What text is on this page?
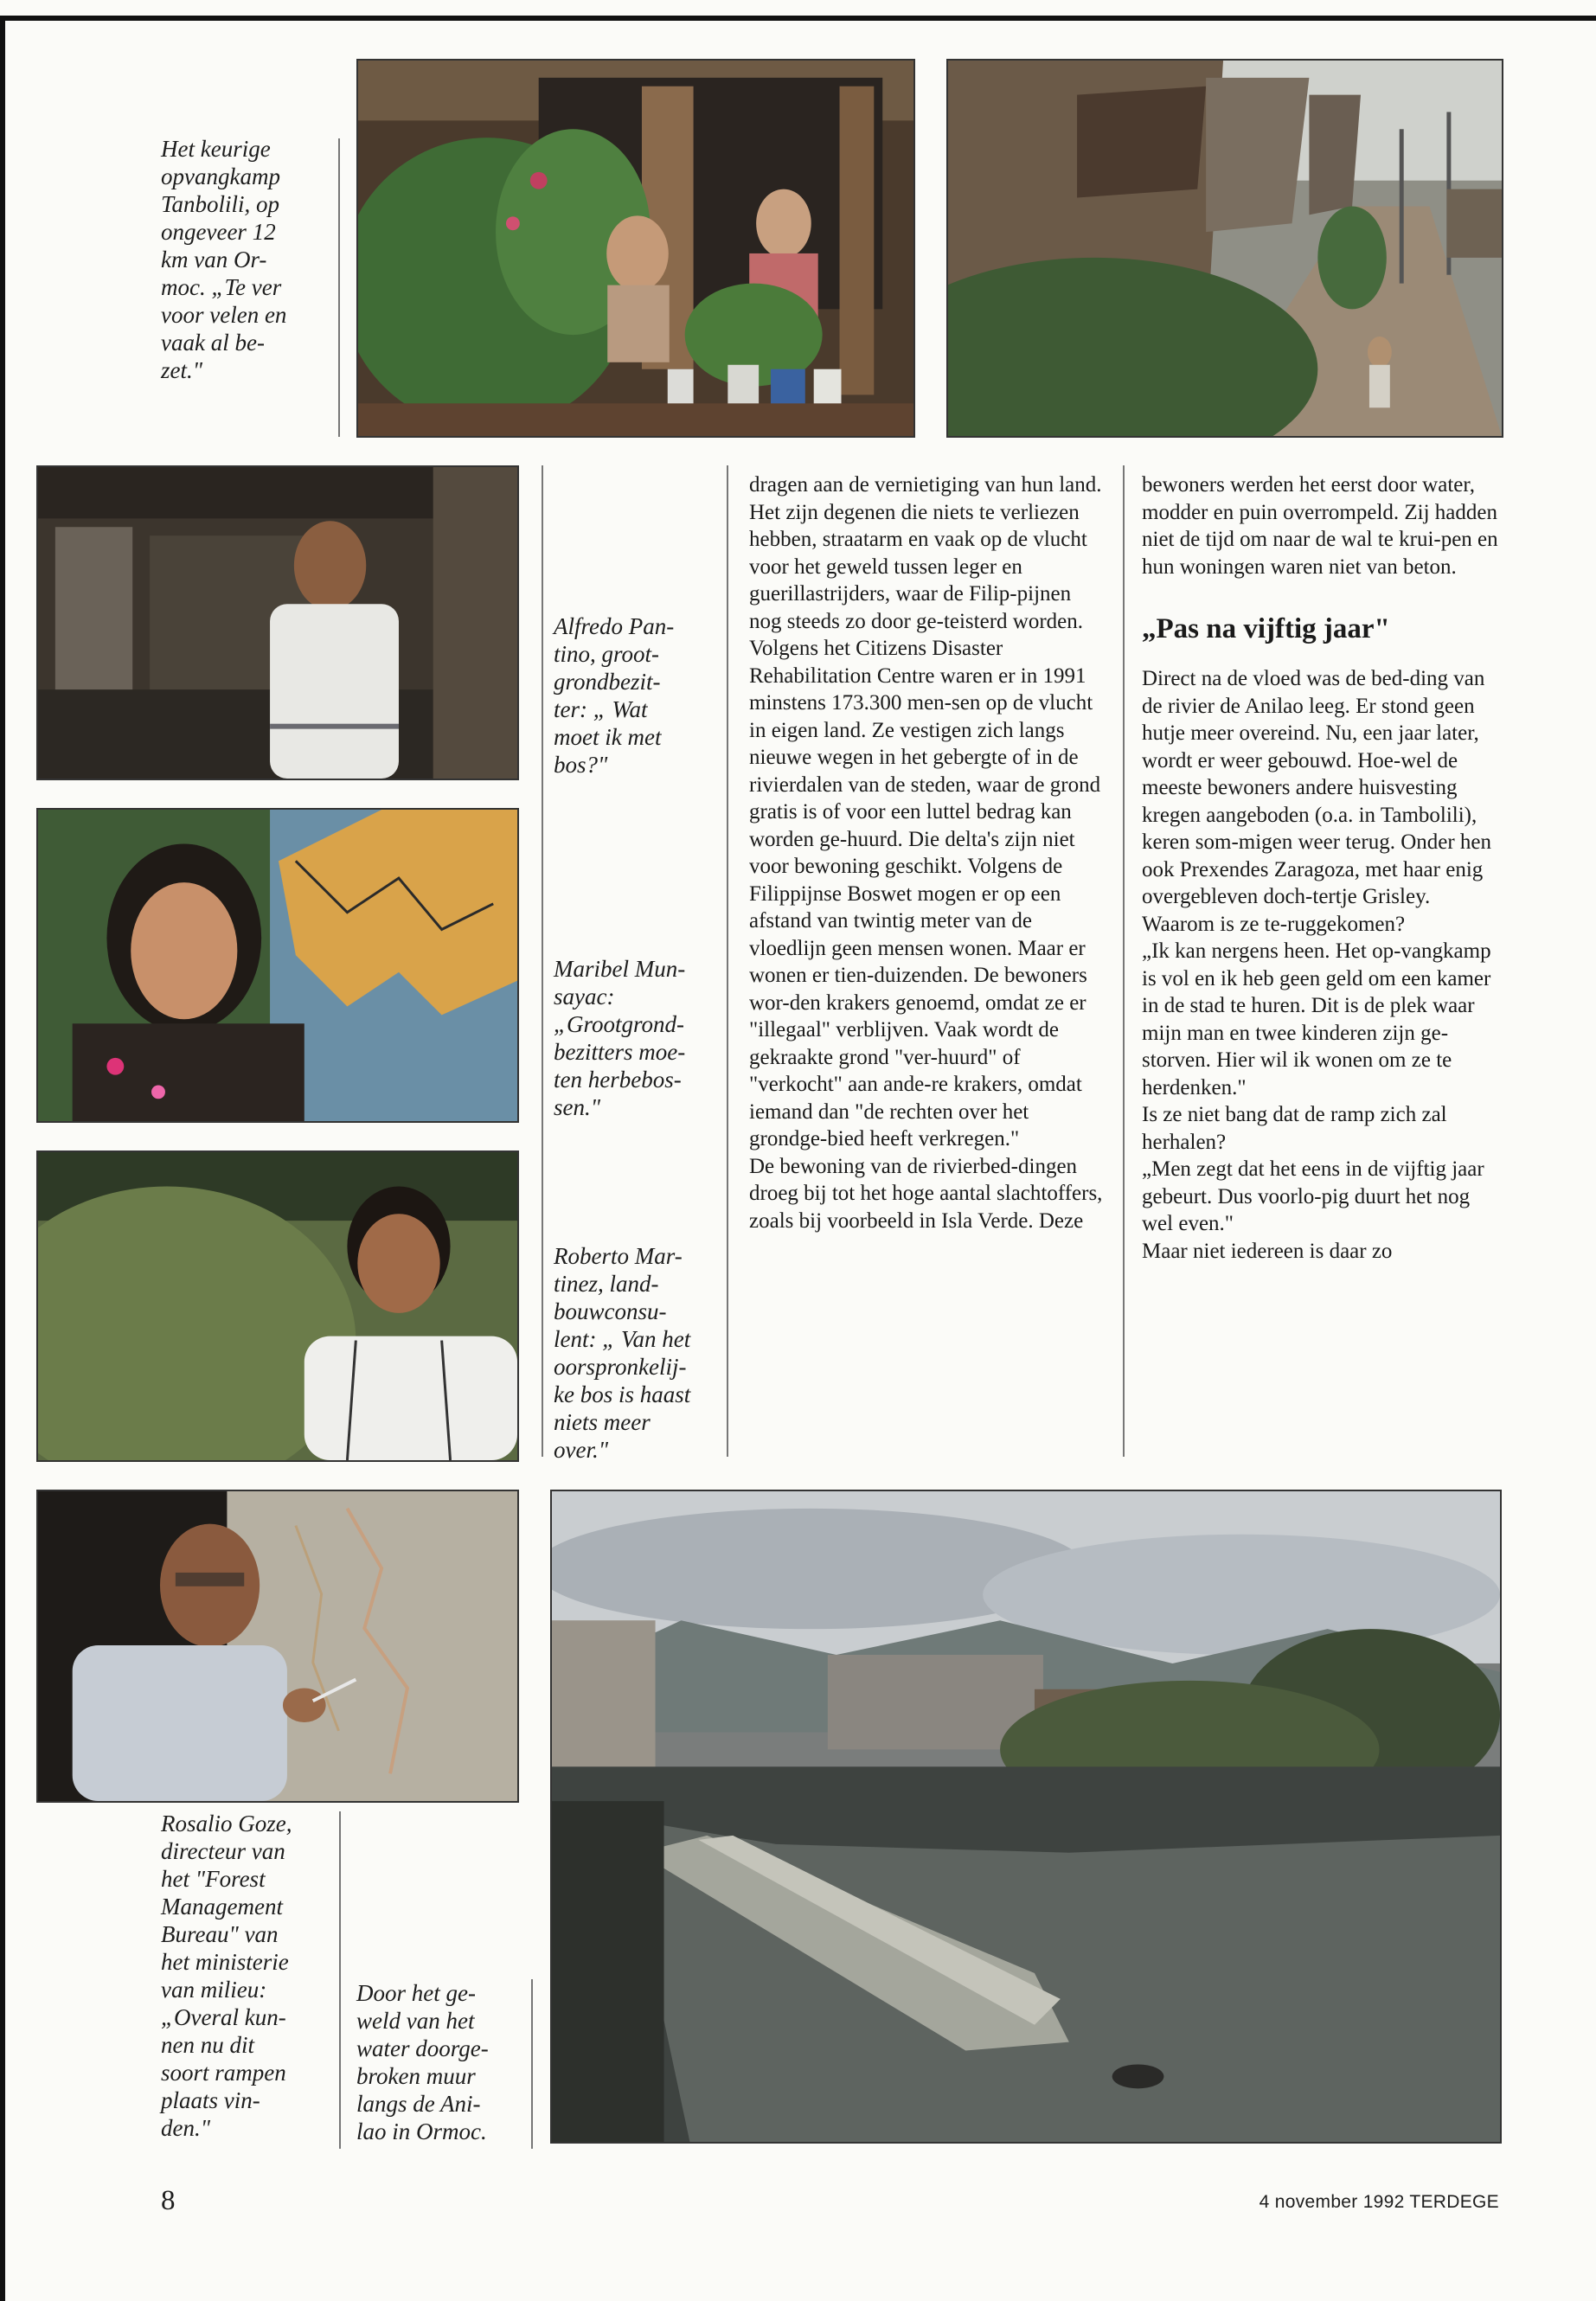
Het keurige
opvangkamp
Tanbolili, op
ongeveer 12
km van Or-
moc. „Te ver
voor velen en
vaak al be-
zet."
Alfredo Pan-
tino, groot-
grondbezit-
ter: „ Wat
moet ik met
bos?"
Maribel Mun-
sayac:
„Grootgrond-
bezitters moe-
ten herbebos-
sen."
Roberto Mar-
tinez, land-
bouwconsu-
lent: „ Van het
oorspronkelij-
ke bos is haast
niets meer
over."

dragen aan de vernietiging van hun land. Het zijn degenen die niets te verliezen hebben, straatarm en vaak op de vlucht voor het geweld tussen leger en guerillastrijders, waar de Filip-pijnen nog steeds zo door ge-teisterd worden.

Volgens het Citizens Disaster Rehabilitation Centre waren er in 1991 minstens 173.300 men-sen op de vlucht in eigen land. Ze vestigen zich langs nieuwe wegen in het gebergte of in de rivierdalen van de steden, waar de grond gratis is of voor een luttel bedrag kan worden ge-huurd. Die delta's zijn niet voor bewoning geschikt. Volgens de Filippijnse Boswet mogen er op een afstand van twintig meter van de vloedlijn geen mensen wonen. Maar er wonen er tien-duizenden. De bewoners wor-den krakers genoemd, omdat ze er "illegaal" verblijven. Vaak wordt de gekraakte grond "ver-huurd" of "verkocht" aan ande-re krakers, omdat iemand dan "de rechten over het grondge-bied heeft verkregen."

De bewoning van de rivierbed-dingen droeg bij tot het hoge aantal slachtoffers, zoals bij voorbeeld in Isla Verde. Deze

bewoners werden het eerst door water, modder en puin overrompeld. Zij hadden niet de tijd om naar de wal te krui-pen en hun woningen waren niet van beton.

„Pas na vijftig jaar"

Direct na de vloed was de bed-ding van de rivier de Anilao leeg. Er stond geen hutje meer overeind. Nu, een jaar later, wordt er weer gebouwd. Hoe-wel de meeste bewoners andere huisvesting kregen aangeboden (o.a. in Tambolili), keren som-migen weer terug. Onder hen ook Prexendes Zaragoza, met haar enig overgebleven doch-tertje Grisley. Waarom is ze te-ruggekomen?

„Ik kan nergens heen. Het op-vangkamp is vol en ik heb geen geld om een kamer in de stad te huren. Dit is de plek waar mijn man en twee kinderen zijn ge-storven. Hier wil ik wonen om ze te herdenken."

Is ze niet bang dat de ramp zich zal herhalen?

„Men zegt dat het eens in de vijftig jaar gebeurt. Dus voorlo-pig duurt het nog wel even."

Maar niet iedereen is daar zo

Rosalio Goze,
directeur van
het "Forest
Management
Bureau" van
het ministerie
van milieu:
„Overal kun-
nen nu dit
soort rampen
plaats vin-
den."
Door het ge-
weld van het
water doorge-
broken muur
langs de Ani-
lao in Ormoc.
8	4 november 1992 TERDEGE
